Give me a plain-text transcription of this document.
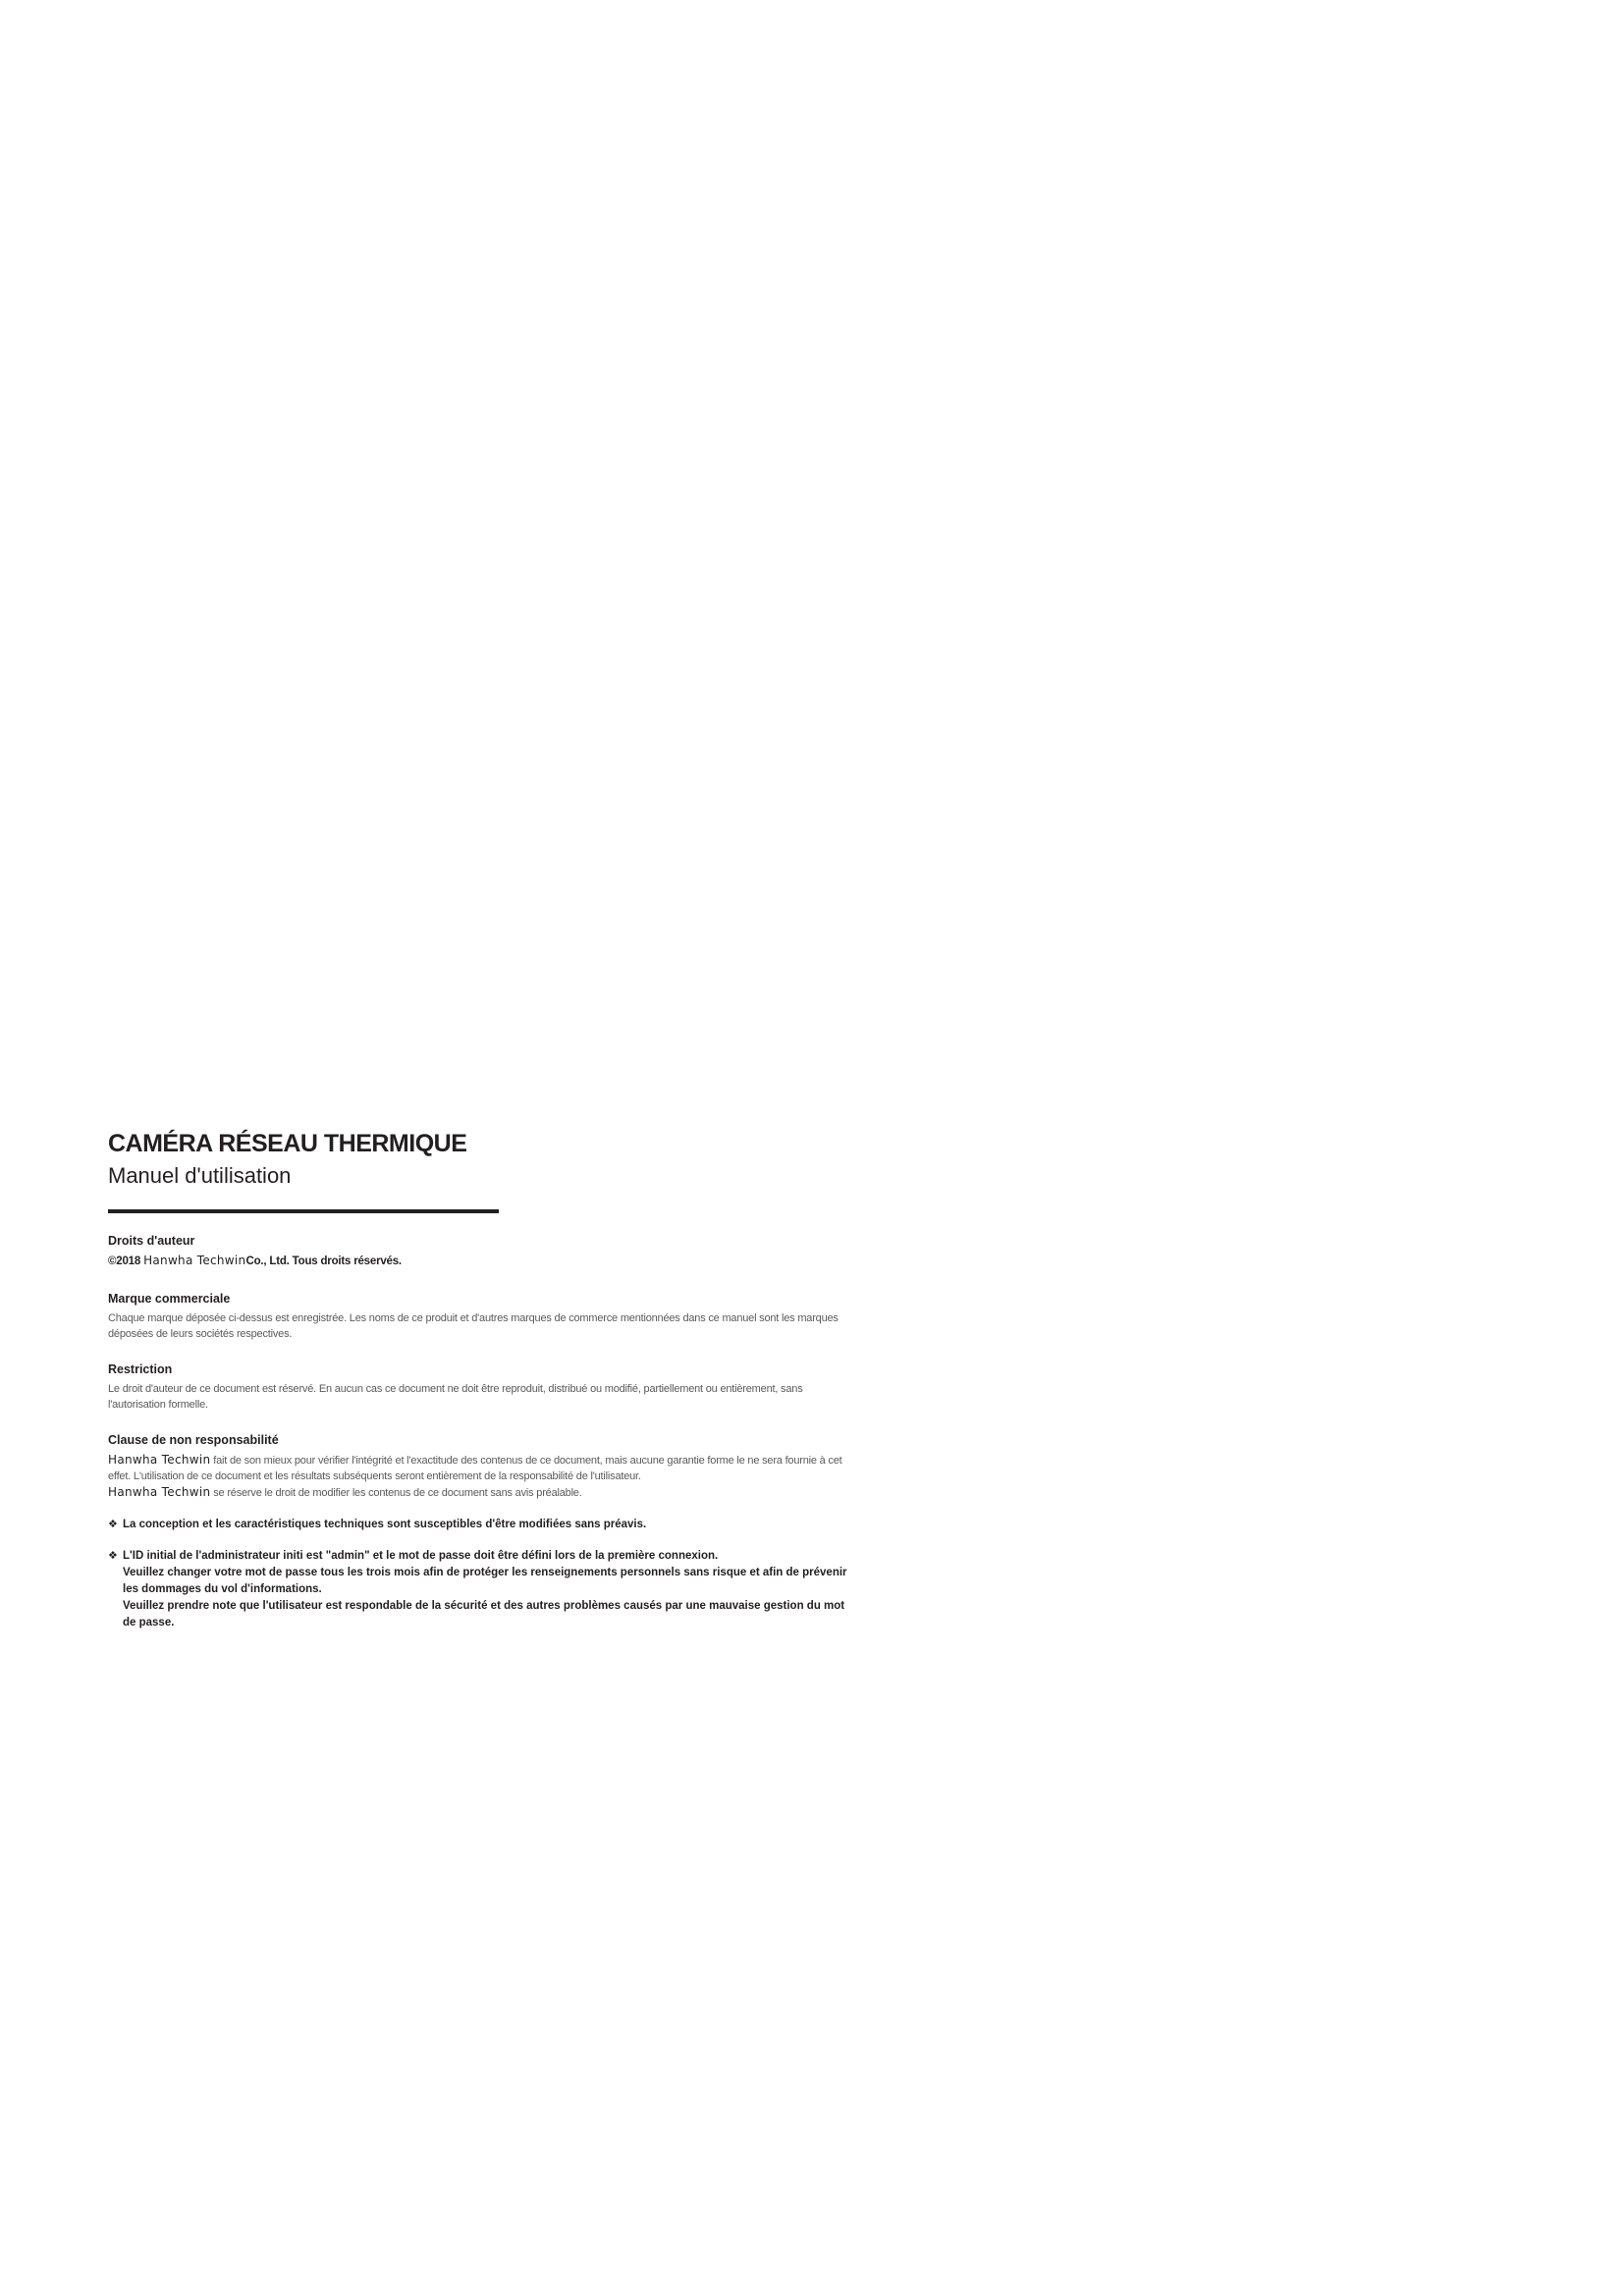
CAMÉRA RÉSEAU THERMIQUE

Manuel d'utilisation

Droits d'auteur

©2018 Hanwha TechwinCo., Ltd. Tous droits réservés.

Marque commerciale

Chaque marque déposée ci-dessus est enregistrée. Les noms de ce produit et d'autres marques de commerce mentionnées dans ce manuel sont les marques déposées de leurs sociétés respectives.

Restriction

Le droit d'auteur de ce document est réservé. En aucun cas ce document ne doit être reproduit, distribué ou modifié, partiellement ou entièrement, sans l'autorisation formelle.

Clause de non responsabilité

Hanwha Techwin fait de son mieux pour vérifier l'intégrité et l'exactitude des contenus de ce document, mais aucune garantie forme le ne sera fournie à cet effet. L'utilisation de ce document et les résultats subséquents seront entièrement de la responsabilité de l'utilisateur.
Hanwha Techwin se réserve le droit de modifier les contenus de ce document sans avis préalable.

❖ La conception et les caractéristiques techniques sont susceptibles d'être modifiées sans préavis.

❖ L'ID initial de l'administrateur initi est "admin" et le mot de passe doit être défini lors de la première connexion.
Veuillez changer votre mot de passe tous les trois mois afin de protéger les renseignements personnels sans risque et afin de prévenir les dommages du vol d'informations.
Veuillez prendre note que l'utilisateur est respondable de la sécurité et des autres problèmes causés par une mauvaise gestion du mot de passe.
